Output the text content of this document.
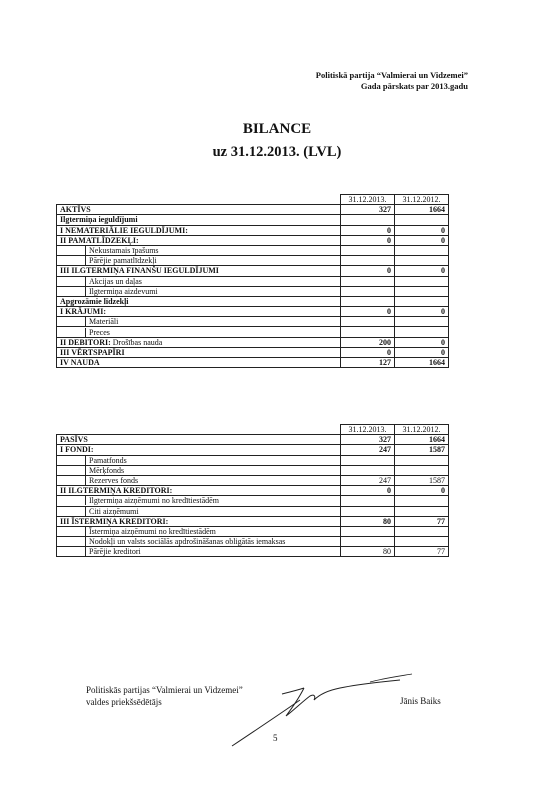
Politiskā partija “Valmierai un Vidzemei”
Gada pārskats par 2013.gadu
BILANCE
uz 31.12.2013. (LVL)
	31.12.2013.	31.12.2012.
AKTĪVS	327	1664
Ilgtermiņa ieguldījumi		
I NEMATERIĀLIE IEGULDĪJUMI:	0	0
II PAMATLĪDZEKĻI:	0	0
Nekustamais īpašums		
Pārējie pamatlīdzekļi		
III ILGTERMIŅA FINANŠU IEGULDĪJUMI	0	0
Akcijas un daļas		
Ilgtermiņa aizdevumi		
Apgrozāmie līdzekļi		
I KRĀJUMI:	0	0
Materiāli		
Preces		
II DEBITORI: Drošības nauda	200	0
III VĒRTSPAPĪRI	0	0
IV NAUDA	127	1664
	31.12.2013.	31.12.2012.
PASĪVS	327	1664
I FONDI:	247	1587
Pamatfonds		
Mērķfonds		
Rezerves fonds	247	1587
II ILGTERMIŅA KREDITORI:	0	0
Ilgtermiņa aizņēmumi no kredītiestādēm		
Citi aizņēmumi		
III ĪSTERMIŅA KREDITORI:	80	77
Īstermiņa aizņēmumi no kredītiestādēm		
Nodokļi un valsts sociālās apdrošināšanas obligātās iemaksas		
Pārējie kreditori	80	77
Politiskās partijas “Valmierai un Vidzemei”
valdes priekšsēdētājs	Jānis Baiks
5
